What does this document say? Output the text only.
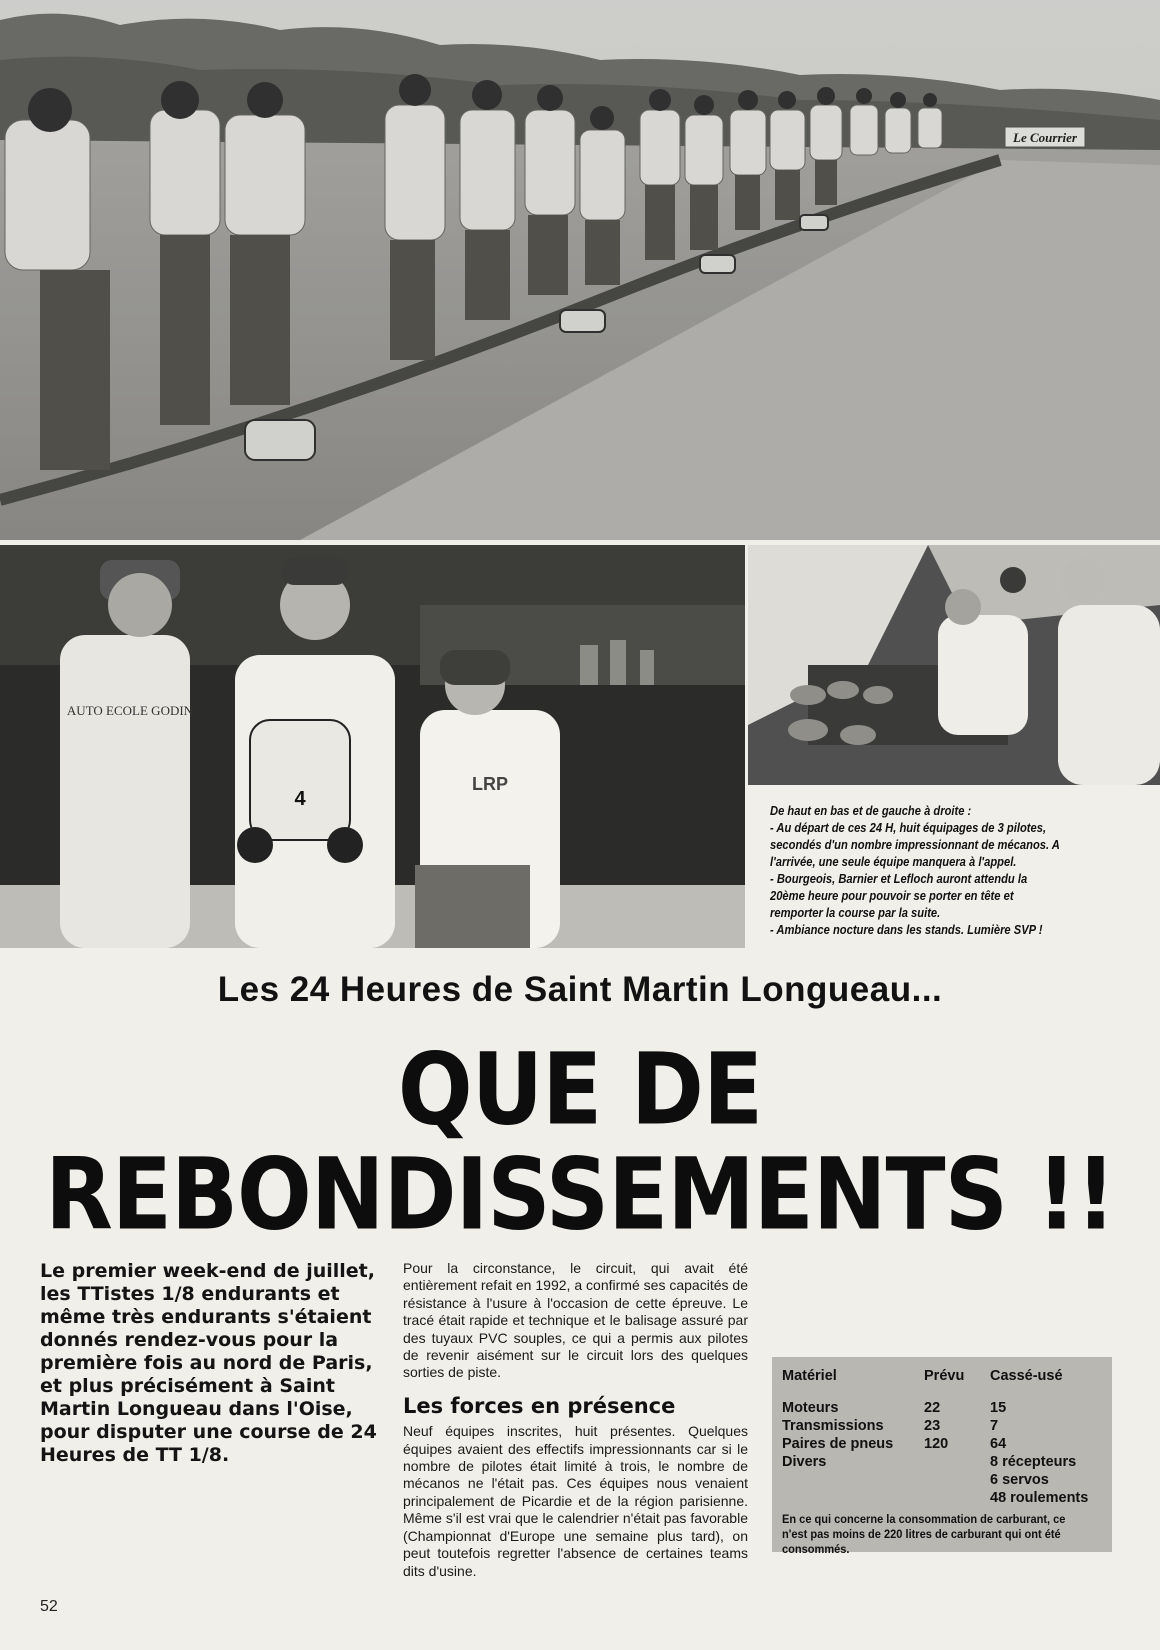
Le Courrier
AUTO ECOLE GODIN
4
LRP

De haut en bas et de gauche à droite :

- Au départ de ces 24 H, huit équipages de 3 pilotes, secondés d'un nombre impressionnant de mécanos. A l'arrivée, une seule équipe manquera à l'appel.

- Bourgeois, Barnier et Lefloch auront attendu la 20ème heure pour pouvoir se porter en tête et remporter la course par la suite.

- Ambiance nocture dans les stands. Lumière SVP !

Les 24 Heures de Saint Martin Longueau...
QUE DE
REBONDISSEMENTS !!

Le premier week-end de juillet, les TTistes 1/8 endurants et même très endurants s'étaient donnés rendez-vous pour la première fois au nord de Paris, et plus précisément à Saint Martin Longueau dans l'Oise, pour disputer une course de 24 Heures de TT 1/8.

Pour la circonstance, le circuit, qui avait été entièrement refait en 1992, a confirmé ses capacités de résistance à l'usure à l'occasion de cette épreuve. Le tracé était rapide et technique et le balisage assuré par des tuyaux PVC souples, ce qui a permis aux pilotes de revenir aisément sur le circuit lors des quelques sorties de piste.

Les forces en présence

Neuf équipes inscrites, huit présentes. Quelques équipes avaient des effectifs impressionnants car si le nombre de pilotes était limité à trois, le nombre de mécanos ne l'était pas. Ces équipes nous venaient principalement de Picardie et de la région parisienne. Même s'il est vrai que le calendrier n'était pas favorable (Championnat d'Europe une semaine plus tard), on peut toutefois regretter l'absence de certaines teams dits d'usine.

Matériel	Prévu	Cassé-usé
Moteurs	22	15
Transmissions	23	7
Paires de pneus	120	64
Divers		8 récepteurs
		6 servos
		48 roulements
En ce qui concerne la consommation de carburant, ce n'est pas moins de 220 litres de carburant qui ont été consommés.
52
